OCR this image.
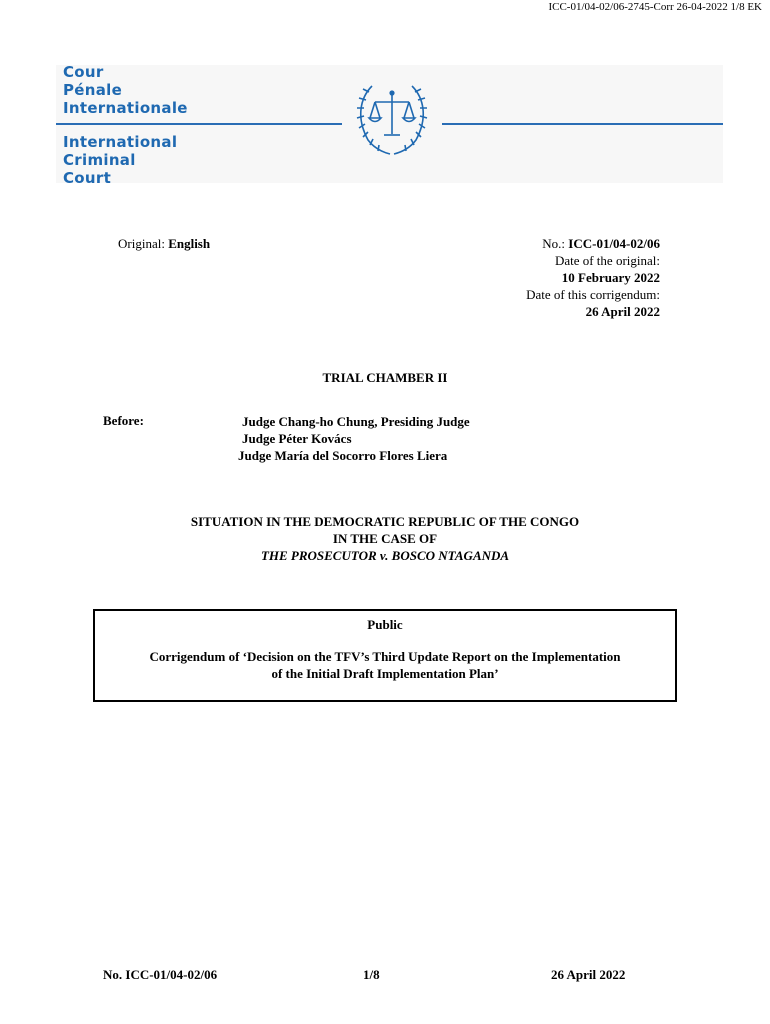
ICC-01/04-02/06-2745-Corr 26-04-2022 1/8 EK
Cour
Pénale
Internationale
International
Criminal
Court
Original: English	No.: ICC-01/04-02/06
Date of the original:
10 February 2022
Date of this corrigendum:
26 April 2022
TRIAL CHAMBER II
Before:	Judge Chang-ho Chung, Presiding Judge
Judge Péter Kovács
Judge María del Socorro Flores Liera
SITUATION IN THE DEMOCRATIC REPUBLIC OF THE CONGO
IN THE CASE OF
THE PROSECUTOR v. BOSCO NTAGANDA
Public
Corrigendum of ‘Decision on the TFV’s Third Update Report on the Implementation
of the Initial Draft Implementation Plan’
No. ICC-01/04-02/06	1/8	26 April 2022
